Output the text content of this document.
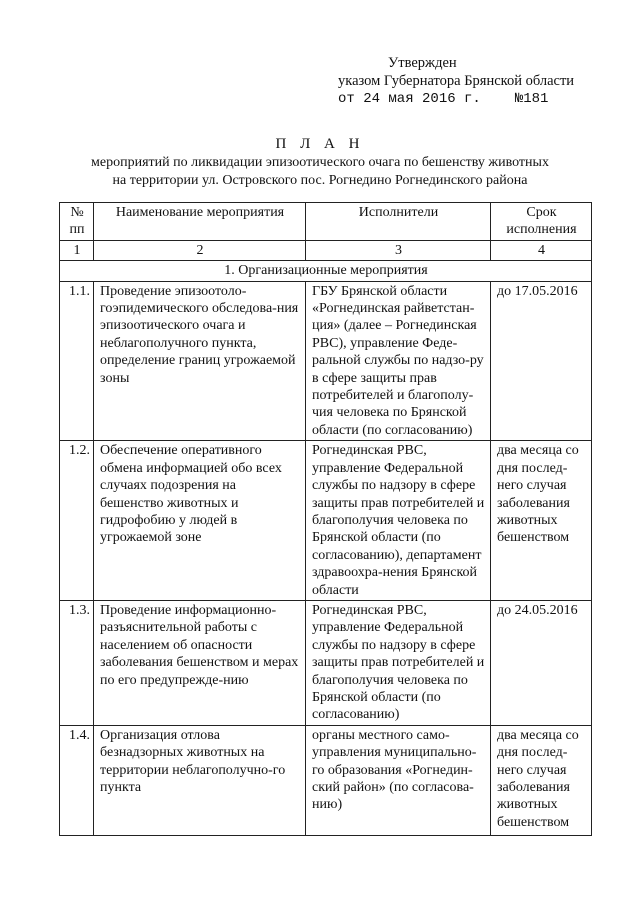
Утвержден
указом Губернатора Брянской области
от 24 мая 2016 г. №181
П Л А Н
мероприятий по ликвидации эпизоотического очага по бешенству животных
на территории ул. Островского пос. Рогнедино Рогнединского района
№ пп	Наименование мероприятия	Исполнители	Срок исполнения
1	2	3	4
1. Организационные мероприятия			
1.1.	Проведение эпизоотоло-гоэпидемического обследова-ния эпизоотического очага и неблагополучного пункта, определение границ угрожаемой зоны	ГБУ Брянской области «Рогнединская райветстан-ция» (далее – Рогнединская РВС), управление Феде-ральной службы по надзо-ру в сфере защиты прав потребителей и благополу-чия человека по Брянской области (по согласованию)	до 17.05.2016
1.2.	Обеспечение оперативного обмена информацией обо всех случаях подозрения на бешенство животных и гидрофобию у людей в угрожаемой зоне	Рогнединская РВС, управление Федеральной службы по надзору в сфере защиты прав потребителей и благополучия человека по Брянской области (по согласованию), департамент здравоохра-нения Брянской области	два месяца со дня послед-него случая заболевания животных бешенством
1.3.	Проведение информационно-разъяснительной работы с населением об опасности заболевания бешенством и мерах по его предупрежде-нию	Рогнединская РВС, управление Федеральной службы по надзору в сфере защиты прав потребителей и благополучия человека по Брянской области (по согласованию)	до 24.05.2016
1.4.	Организация отлова безнадзорных животных на территории неблагополучно-го пункта	органы местного само-управления муниципально-го образования «Рогнедин-ский район» (по согласова-нию)	два месяца со дня послед-него случая заболевания животных бешенством
